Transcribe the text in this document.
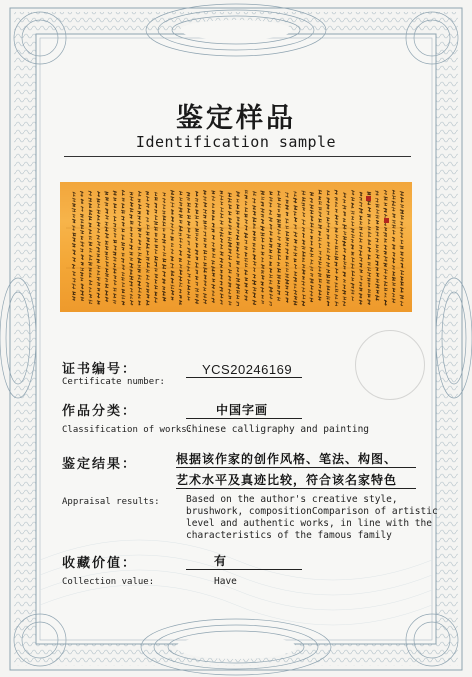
鉴定样品
Identification sample
证书编号：
Certificate number:
YCS20246169
作品分类：	中国字画
Classification of works:
Chinese calligraphy and painting
鉴定结果：	根据该作家的创作风格、笔法、构图、
艺术水平及真迹比较，符合该名家特色
Appraisal results:	Based on the author's creative style,
brushwork, compositionComparison of artistic
level and authentic works, in line with the
characteristics of the famous family
收藏价值：	有
Collection value:	Have
